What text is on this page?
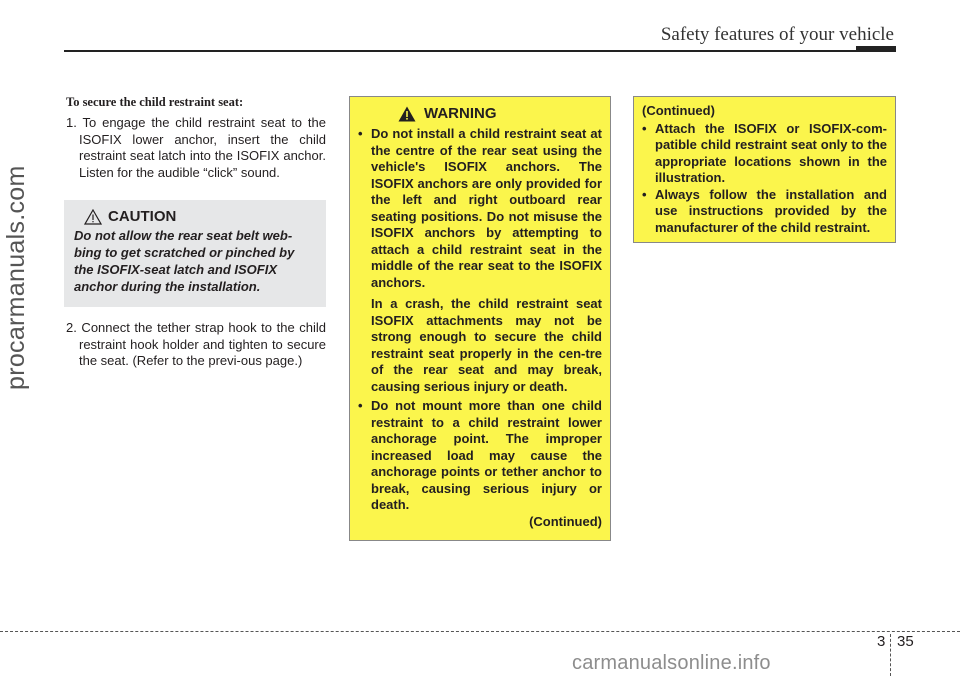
Safety features of your vehicle
procarmanuals.com

To secure the child restraint seat:

1. To engage the child restraint seat to the ISOFIX lower anchor, insert the child restraint seat latch into the ISOFIX anchor. Listen for the audible “click” sound.

CAUTION

Do not allow the rear seat belt web-bing to get scratched or pinched by the ISOFIX-seat latch and ISOFIX anchor during the installation.

2. Connect the tether strap hook to the child restraint hook holder and tighten to secure the seat. (Refer to the previ-ous page.)

WARNING
• Do not install a child restraint seat at the centre of the rear seat using the vehicle's ISOFIX anchors. The ISOFIX anchors are only provided for the left and right outboard rear seating positions. Do not misuse the ISOFIX anchors by attempting to attach a child restraint seat in the middle of the rear seat to the ISOFIX anchors.

In a crash, the child restraint seat ISOFIX attachments may not be strong enough to secure the child restraint seat properly in the cen-tre of the rear seat and may break, causing serious injury or death.

• Do not mount more than one child restraint to a child restraint lower anchorage point. The improper increased load may cause the anchorage points or tether anchor to break, causing serious injury or death.
(Continued)

(Continued)

• Attach the ISOFIX or ISOFIX-com-patible child restraint seat only to the appropriate locations shown in the illustration.
• Always follow the installation and use instructions provided by the manufacturer of the child restraint.
3 35
carmanualsonline.info
